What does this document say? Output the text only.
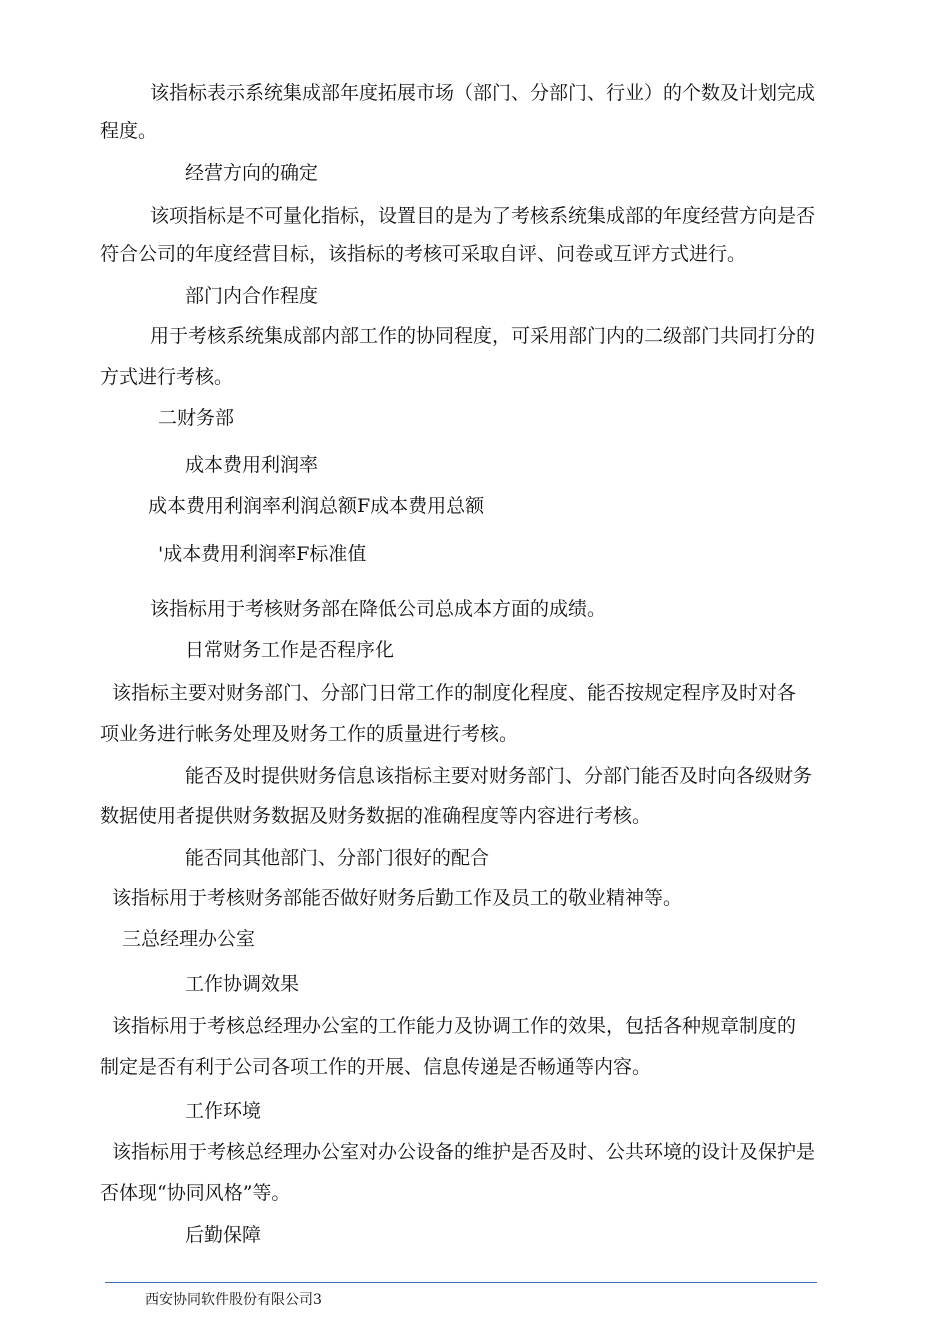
该指标表示系统集成部年度拓展市场（部门、分部门、行业）的个数及计划完成

程度。

经营方向的确定

该项指标是不可量化指标，设置目的是为了考核系统集成部的年度经营方向是否

符合公司的年度经营目标，该指标的考核可采取自评、问卷或互评方式进行。

部门内合作程度

用于考核系统集成部内部工作的协同程度，可采用部门内的二级部门共同打分的

方式进行考核。

二财务部

成本费用利润率

成本费用利润率利润总额F成本费用总额

'成本费用利润率F标准值

该指标用于考核财务部在降低公司总成本方面的成绩。

日常财务工作是否程序化

该指标主要对财务部门、分部门日常工作的制度化程度、能否按规定程序及时对各

项业务进行帐务处理及财务工作的质量进行考核。

能否及时提供财务信息该指标主要对财务部门、分部门能否及时向各级财务

数据使用者提供财务数据及财务数据的准确程度等内容进行考核。

能否同其他部门、分部门很好的配合

该指标用于考核财务部能否做好财务后勤工作及员工的敬业精神等。

三总经理办公室

工作协调效果

该指标用于考核总经理办公室的工作能力及协调工作的效果，包括各种规章制度的

制定是否有利于公司各项工作的开展、信息传递是否畅通等内容。

工作环境

该指标用于考核总经理办公室对办公设备的维护是否及时、公共环境的设计及保护是

否体现“协同风格”等。

后勤保障

西安协同软件股份有限公司3
